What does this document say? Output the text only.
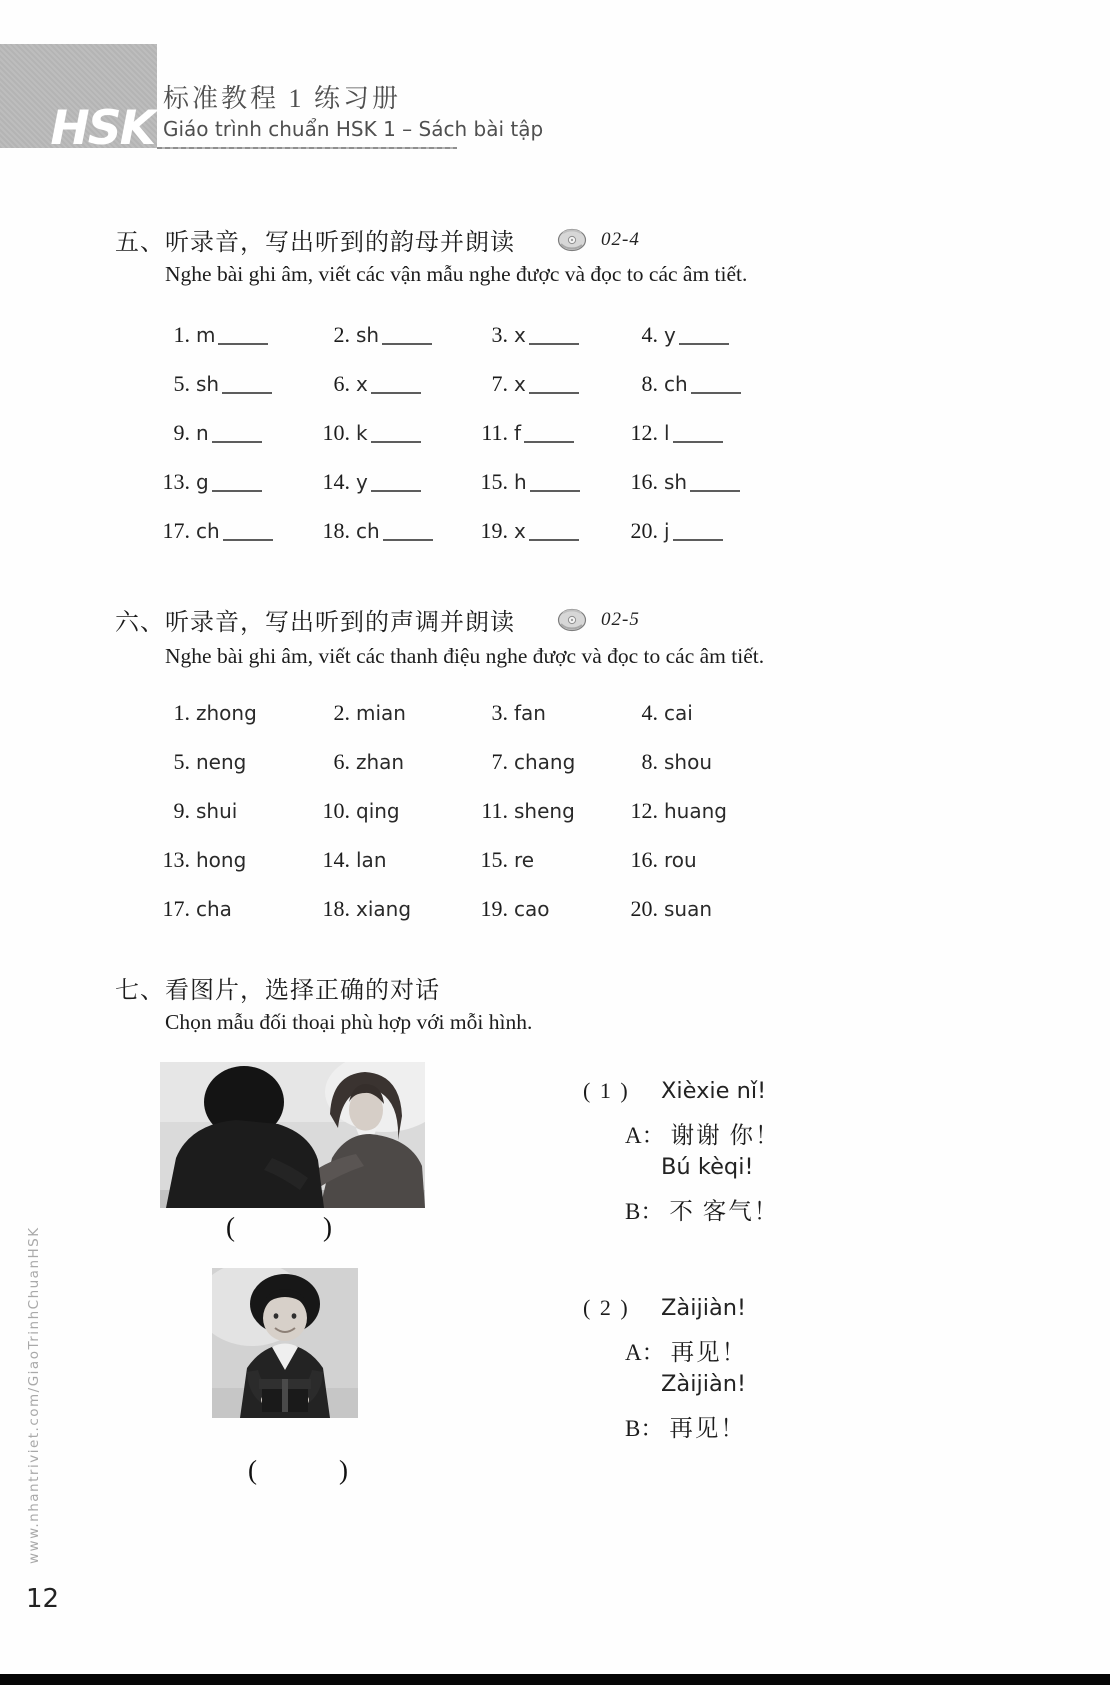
HSK
标准教程 1 练习册
Giáo trình chuẩn HSK 1 – Sách bài tập
五、听录音，写出听到的韵母并朗读	02-4
Nghe bài ghi âm, viết các vận mẫu nghe được và đọc to các âm tiết.
1. m	2. sh	3. x	4. y
5. sh	6. x	7. x	8. ch
9. n	10. k	11. f	12. l
13. g	14. y	15. h	16. sh
17. ch	18. ch	19. x	20. j
六、听录音，写出听到的声调并朗读	02-5
Nghe bài ghi âm, viết các thanh điệu nghe được và đọc to các âm tiết.
1. zhong	2. mian	3. fan	4. cai
5. neng	6. zhan	7. chang	8. shou
9. shui	10. qing	11. sheng	12. huang
13. hong	14. lan	15. re	16. rou
17. cha	18. xiang	19. cao	20. suan
七、看图片，选择正确的对话
Chọn mẫu đối thoại phù hợp với mỗi hình.
(	)
( 1 )	Xièxie nǐ!
A： 谢谢 你！
Bú kèqi!
B： 不 客气！
(	)
( 2 )	Zàijiàn!
A： 再见！
Zàijiàn!
B： 再见！
www.nhantriviet.com/GiaoTrinhChuanHSK
12
